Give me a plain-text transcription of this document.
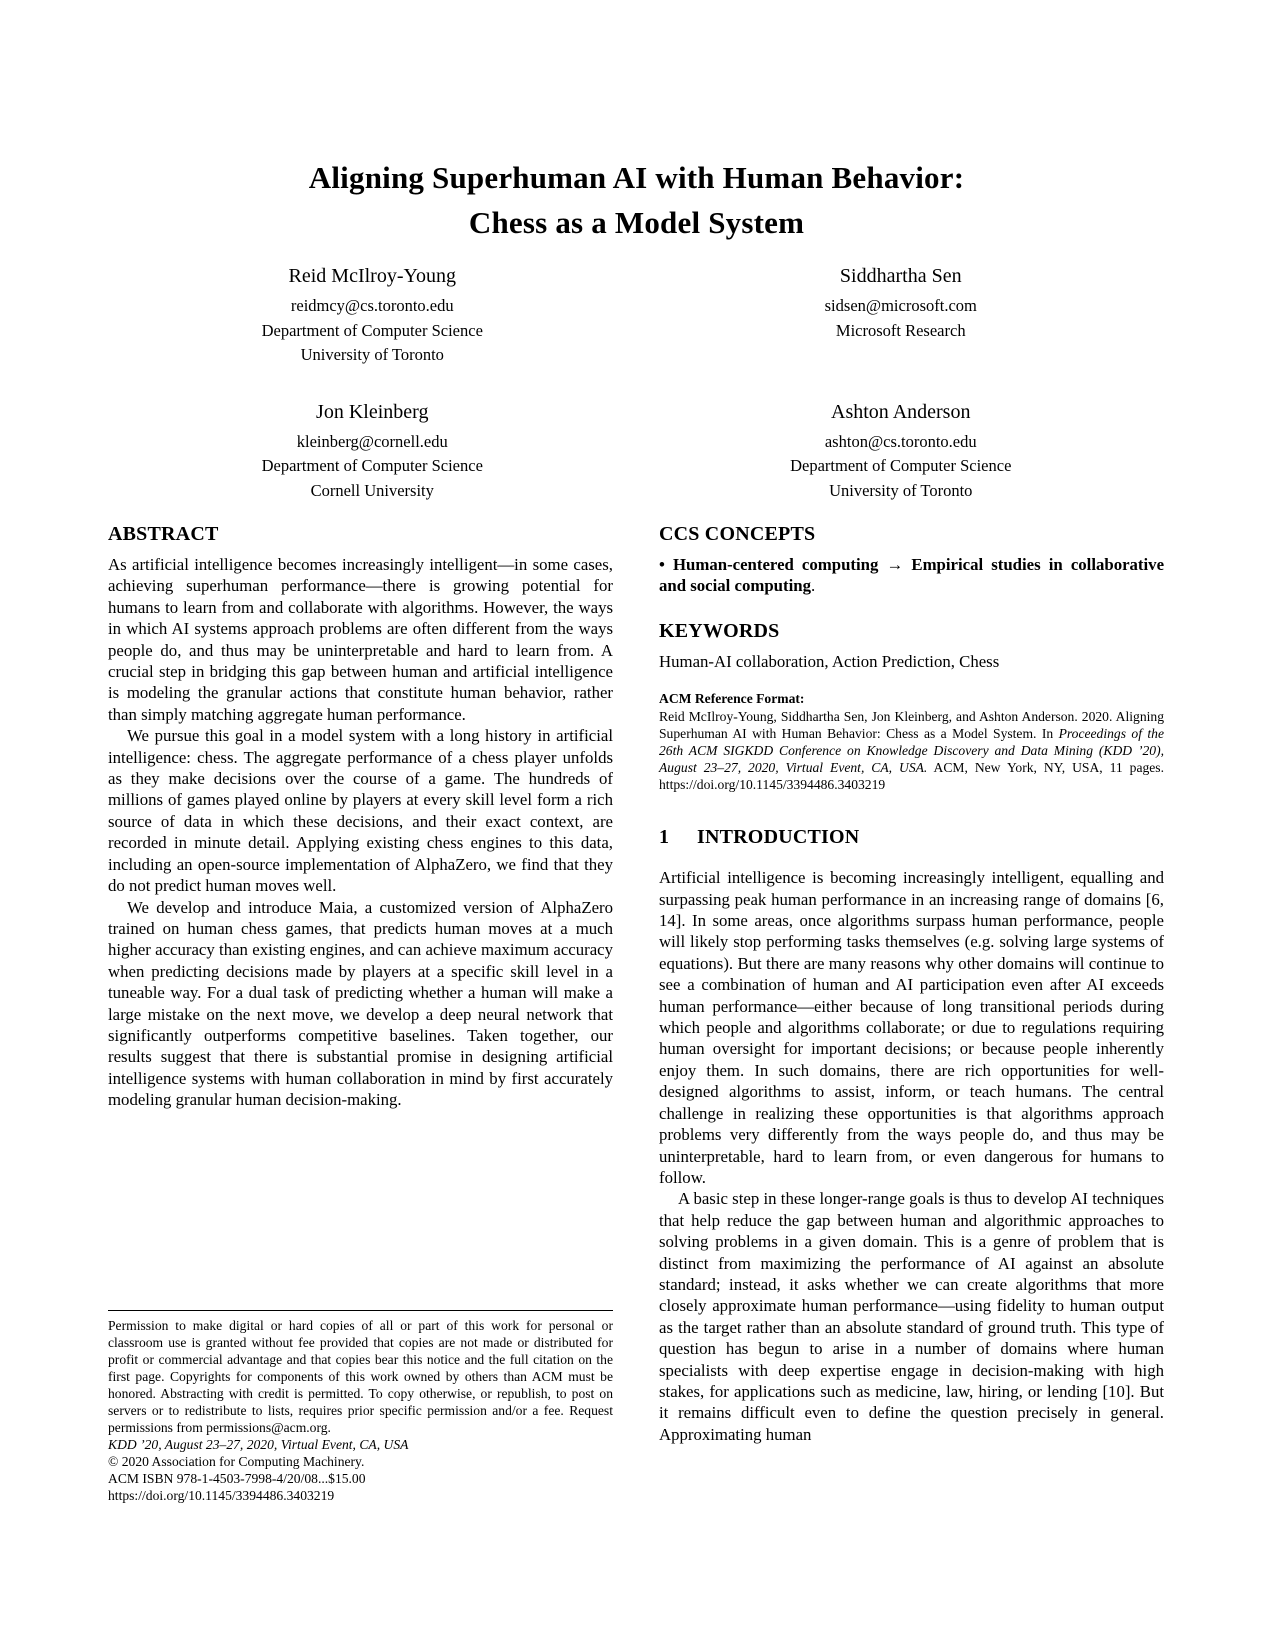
Aligning Superhuman AI with Human Behavior:
Chess as a Model System
Reid McIlroy-Young
reidmcy@cs.toronto.edu
Department of Computer Science
University of Toronto
Siddhartha Sen
sidsen@microsoft.com
Microsoft Research
Jon Kleinberg
kleinberg@cornell.edu
Department of Computer Science
Cornell University
Ashton Anderson
ashton@cs.toronto.edu
Department of Computer Science
University of Toronto
ABSTRACT

As artificial intelligence becomes increasingly intelligent—in some cases, achieving superhuman performance—there is growing potential for humans to learn from and collaborate with algorithms. However, the ways in which AI systems approach problems are often different from the ways people do, and thus may be uninterpretable and hard to learn from. A crucial step in bridging this gap between human and artificial intelligence is modeling the granular actions that constitute human behavior, rather than simply matching aggregate human performance.

We pursue this goal in a model system with a long history in artificial intelligence: chess. The aggregate performance of a chess player unfolds as they make decisions over the course of a game. The hundreds of millions of games played online by players at every skill level form a rich source of data in which these decisions, and their exact context, are recorded in minute detail. Applying existing chess engines to this data, including an open-source implementation of AlphaZero, we find that they do not predict human moves well.

We develop and introduce Maia, a customized version of AlphaZero trained on human chess games, that predicts human moves at a much higher accuracy than existing engines, and can achieve maximum accuracy when predicting decisions made by players at a specific skill level in a tuneable way. For a dual task of predicting whether a human will make a large mistake on the next move, we develop a deep neural network that significantly outperforms competitive baselines. Taken together, our results suggest that there is substantial promise in designing artificial intelligence systems with human collaboration in mind by first accurately modeling granular human decision-making.

Permission to make digital or hard copies of all or part of this work for personal or classroom use is granted without fee provided that copies are not made or distributed for profit or commercial advantage and that copies bear this notice and the full citation on the first page. Copyrights for components of this work owned by others than ACM must be honored. Abstracting with credit is permitted. To copy otherwise, or republish, to post on servers or to redistribute to lists, requires prior specific permission and/or a fee. Request permissions from permissions@acm.org.

KDD ’20, August 23–27, 2020, Virtual Event, CA, USA
© 2020 Association for Computing Machinery.
ACM ISBN 978-1-4503-7998-4/20/08...$15.00
https://doi.org/10.1145/3394486.3403219
CCS CONCEPTS

• Human-centered computing → Empirical studies in collaborative and social computing.

KEYWORDS

Human-AI collaboration, Action Prediction, Chess

ACM Reference Format:

Reid McIlroy-Young, Siddhartha Sen, Jon Kleinberg, and Ashton Anderson. 2020. Aligning Superhuman AI with Human Behavior: Chess as a Model System. In Proceedings of the 26th ACM SIGKDD Conference on Knowledge Discovery and Data Mining (KDD ’20), August 23–27, 2020, Virtual Event, CA, USA. ACM, New York, NY, USA, 11 pages. https://doi.org/10.1145/3394486.3403219

1	INTRODUCTION

Artificial intelligence is becoming increasingly intelligent, equalling and surpassing peak human performance in an increasing range of domains [6, 14]. In some areas, once algorithms surpass human performance, people will likely stop performing tasks themselves (e.g. solving large systems of equations). But there are many reasons why other domains will continue to see a combination of human and AI participation even after AI exceeds human performance—either because of long transitional periods during which people and algorithms collaborate; or due to regulations requiring human oversight for important decisions; or because people inherently enjoy them. In such domains, there are rich opportunities for well-designed algorithms to assist, inform, or teach humans. The central challenge in realizing these opportunities is that algorithms approach problems very differently from the ways people do, and thus may be uninterpretable, hard to learn from, or even dangerous for humans to follow.

A basic step in these longer-range goals is thus to develop AI techniques that help reduce the gap between human and algorithmic approaches to solving problems in a given domain. This is a genre of problem that is distinct from maximizing the performance of AI against an absolute standard; instead, it asks whether we can create algorithms that more closely approximate human performance—using fidelity to human output as the target rather than an absolute standard of ground truth. This type of question has begun to arise in a number of domains where human specialists with deep expertise engage in decision-making with high stakes, for applications such as medicine, law, hiring, or lending [10]. But it remains difficult even to define the question precisely in general. Approximating human
